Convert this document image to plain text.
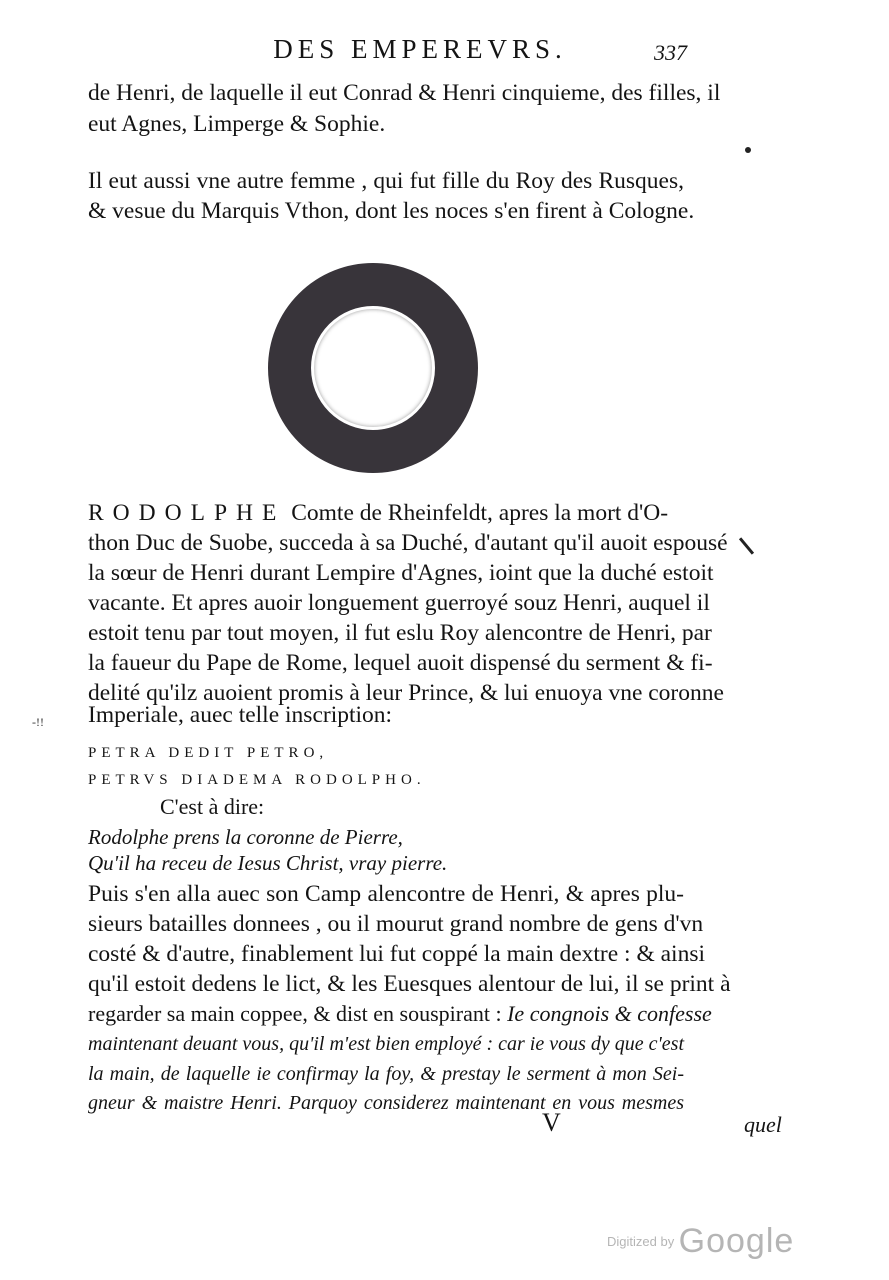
DES EMPEREVRS.	337
de Henri, de laquelle il eut Conrad & Henri cinquieme, des filles, il
eut Agnes, Limperge & Sophie.
Il eut aussi vne autre femme , qui fut fille du Roy des Rusques,
& vesue du Marquis Vthon, dont les noces s'en firent à Cologne.
-!!
RODOLPHE Comte de Rheinfeldt, apres la mort d'O-
thon Duc de Suobe, succeda à sa Duché, d'autant qu'il auoit espousé
la sœur de Henri durant Lempire d'Agnes, ioint que la duché estoit
vacante. Et apres auoir longuement guerroyé souz Henri, auquel il
estoit tenu par tout moyen, il fut eslu Roy alencontre de Henri, par
la faueur du Pape de Rome, lequel auoit dispensé du serment & fi-
delité qu'ilz auoient promis à leur Prince, & lui enuoya vne coronne
Imperiale, auec telle inscription:
PETRA DEDIT PETRO,
PETRVS DIADEMA RODOLPHO.
C'est à dire:
Rodolphe prens la coronne de Pierre,
Qu'il ha receu de Iesus Christ, vray pierre.
Puis s'en alla auec son Camp alencontre de Henri, & apres plu-
sieurs batailles donnees , ou il mourut grand nombre de gens d'vn
costé & d'autre, finablement lui fut coppé la main dextre : & ainsi
qu'il estoit dedens le lict, & les Euesques alentour de lui, il se print à
regarder sa main coppee, & dist en souspirant : Ie congnois & confesse
maintenant deuant vous, qu'il m'est bien employé : car ie vous dy que c'est
la main, de laquelle ie confirmay la foy, & prestay le serment à mon Sei-
gneur & maistre Henri. Parquoy considerez maintenant en vous mesmes
V	quel
Digitized by Google
